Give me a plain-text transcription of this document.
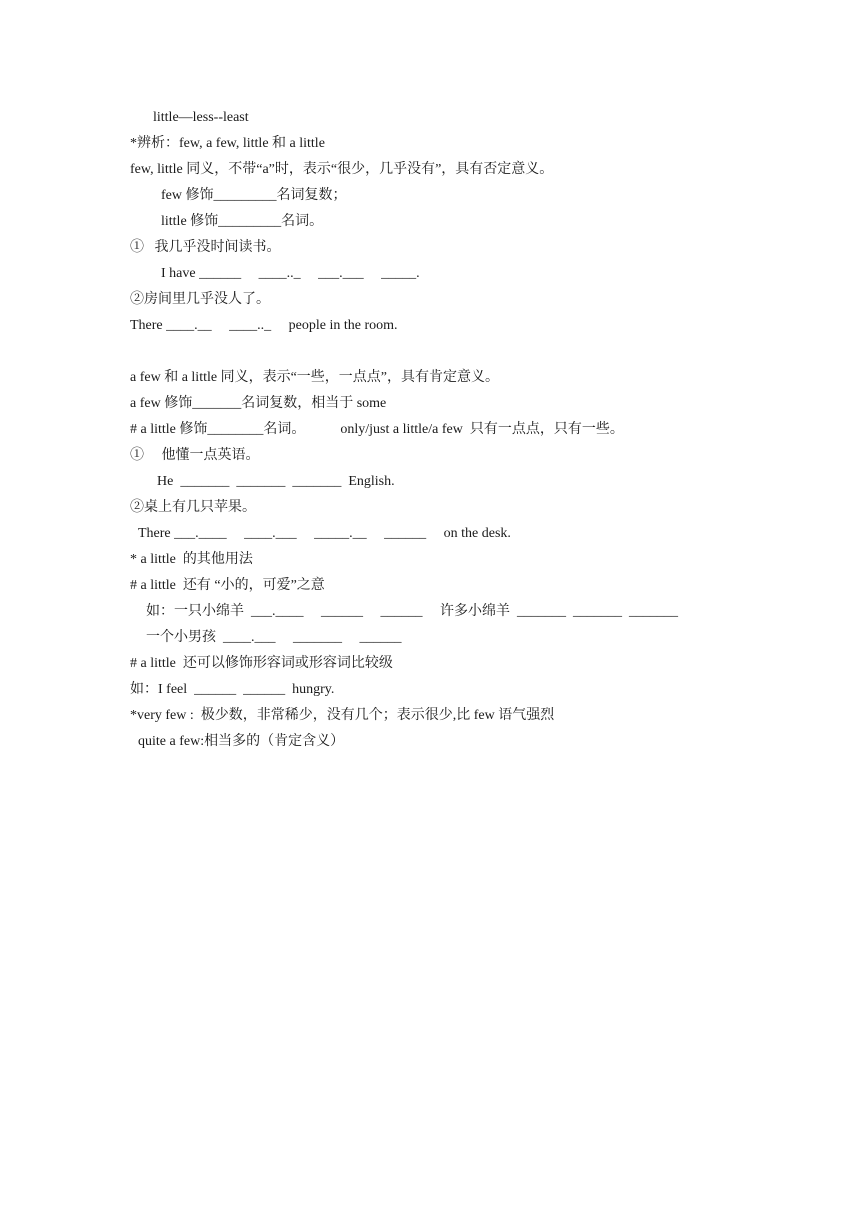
little—less--least
*辨析：few, a few, little 和 a little
few, little 同义，不带“a”时，表示“很少，几乎没有”，具有否定意义。
few 修饰_________名词复数；
little 修饰_________名词。
①   我几乎没时间读书。
I have ______     ____.._     ___.___     _____.
②房间里几乎没人了。
There ____.__     ____.._     people in the room.
a few 和 a little 同义，表示“一些，一点点”，具有肯定意义。
a few 修饰_______名词复数，相当于 some
# a little 修饰________名词。          only/just a little/a few  只有一点点，只有一些。
①     他懂一点英语。
He  _______  _______  _______  English.
②桌上有几只苹果。
There ___.____     ____.___     _____.__     ______     on the desk.
* a little  的其他用法
# a little  还有 “小的，可爱”之意
如：一只小绵羊  ___.____     ______     ______     许多小绵羊  _______  _______  _______
一个小男孩  ____.___     _______     ______
# a little  还可以修饰形容词或形容词比较级
如：I feel  ______  ______  hungry.
*very few :  极少数，非常稀少，没有几个；表示很少,比 few 语气强烈
quite a few:相当多的（肯定含义）
